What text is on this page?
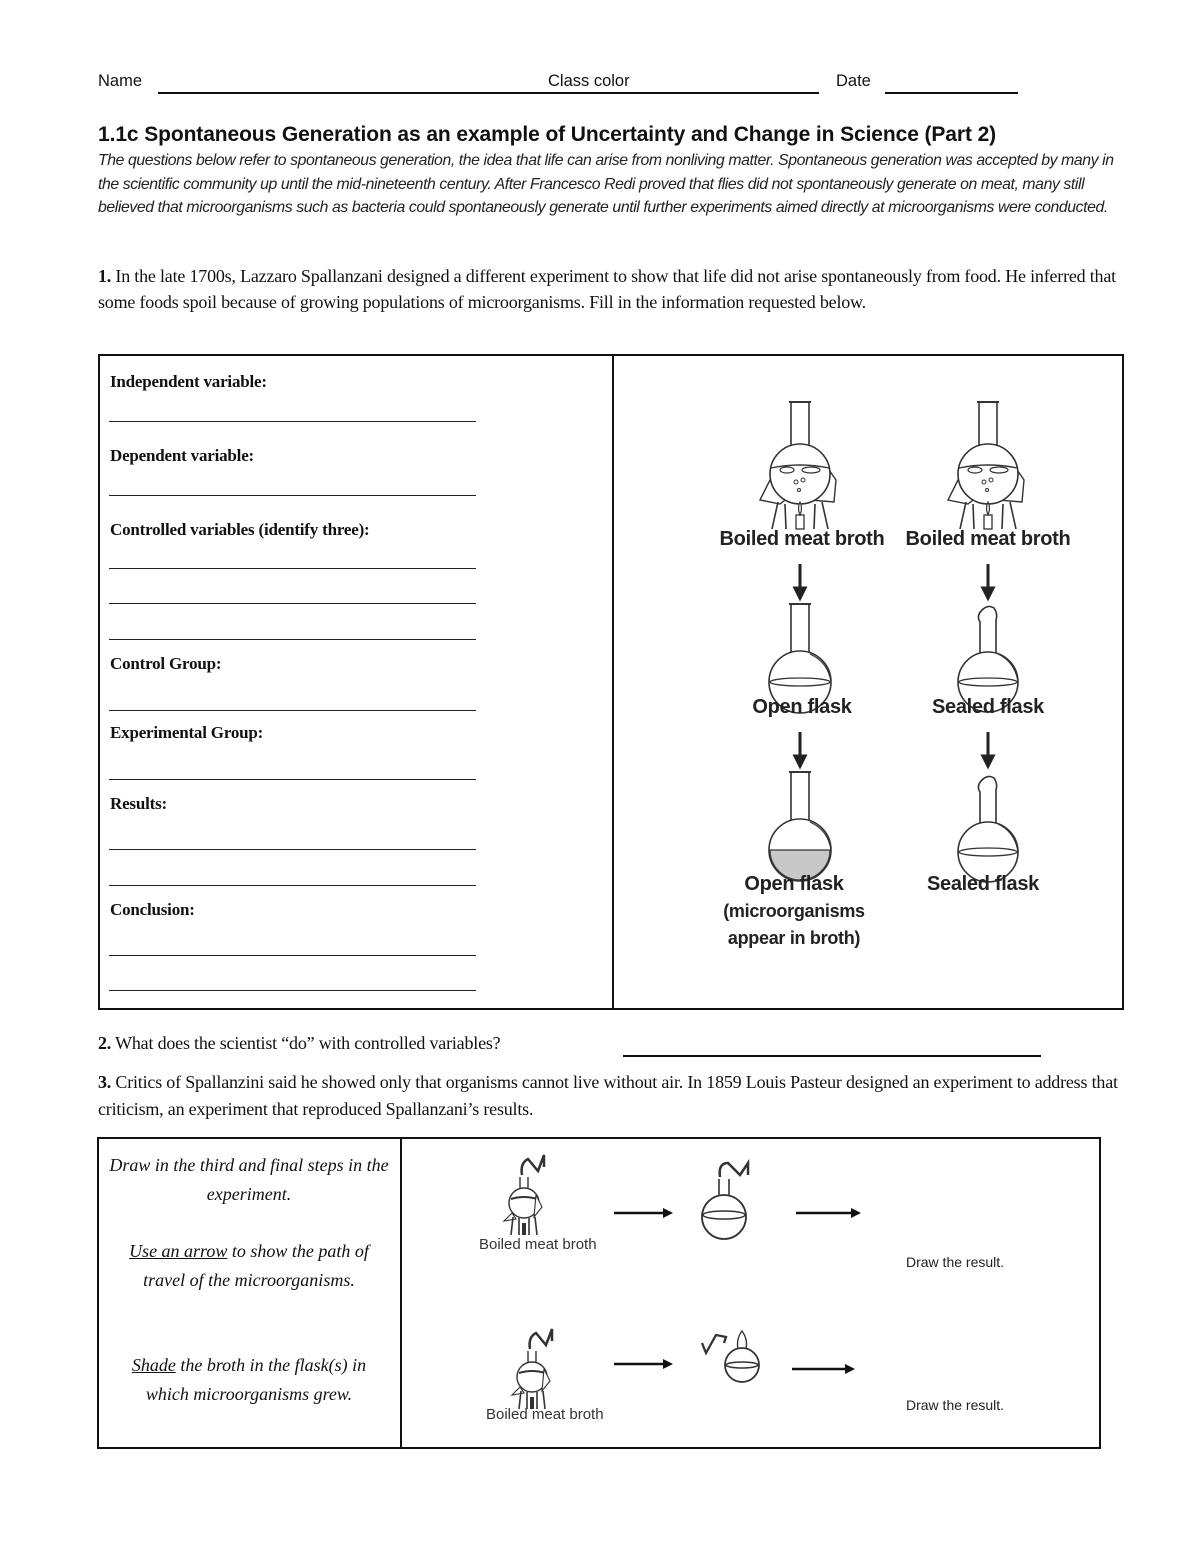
Name	Class color	Date
1.1c Spontaneous Generation as an example of Uncertainty and Change in Science (Part 2)
The questions below refer to spontaneous generation, the idea that life can arise from nonliving matter. Spontaneous generation was accepted by many in the scientific community up until the mid-nineteenth century. After Francesco Redi proved that flies did not spontaneously generate on meat, many still believed that microorganisms such as bacteria could spontaneously generate until further experiments aimed directly at microorganisms were conducted.
1. In the late 1700s, Lazzaro Spallanzani designed a different experiment to show that life did not arise spontaneously from food. He inferred that some foods spoil because of growing populations of microorganisms. Fill in the information requested below.
Independent variable:
Dependent variable:
Controlled variables (identify three):
Control Group:
Experimental Group:
Results:
Conclusion:
Boiled meat broth	Boiled meat broth
Open flask	Sealed flask
Open flask
(microorganisms
appear in broth)
Sealed flask
2. What does the scientist “do” with controlled variables?
3. Critics of Spallanzini said he showed only that organisms cannot live without air. In 1859 Louis Pasteur designed an experiment to address that criticism, an experiment that reproduced Spallanzani’s results.
Draw in the third and final steps in the experiment.
Use an arrow to show the path of travel of the microorganisms.
Shade the broth in the flask(s) in which microorganisms grew.
Boiled meat broth
Draw the result.
Boiled meat broth
Draw the result.
